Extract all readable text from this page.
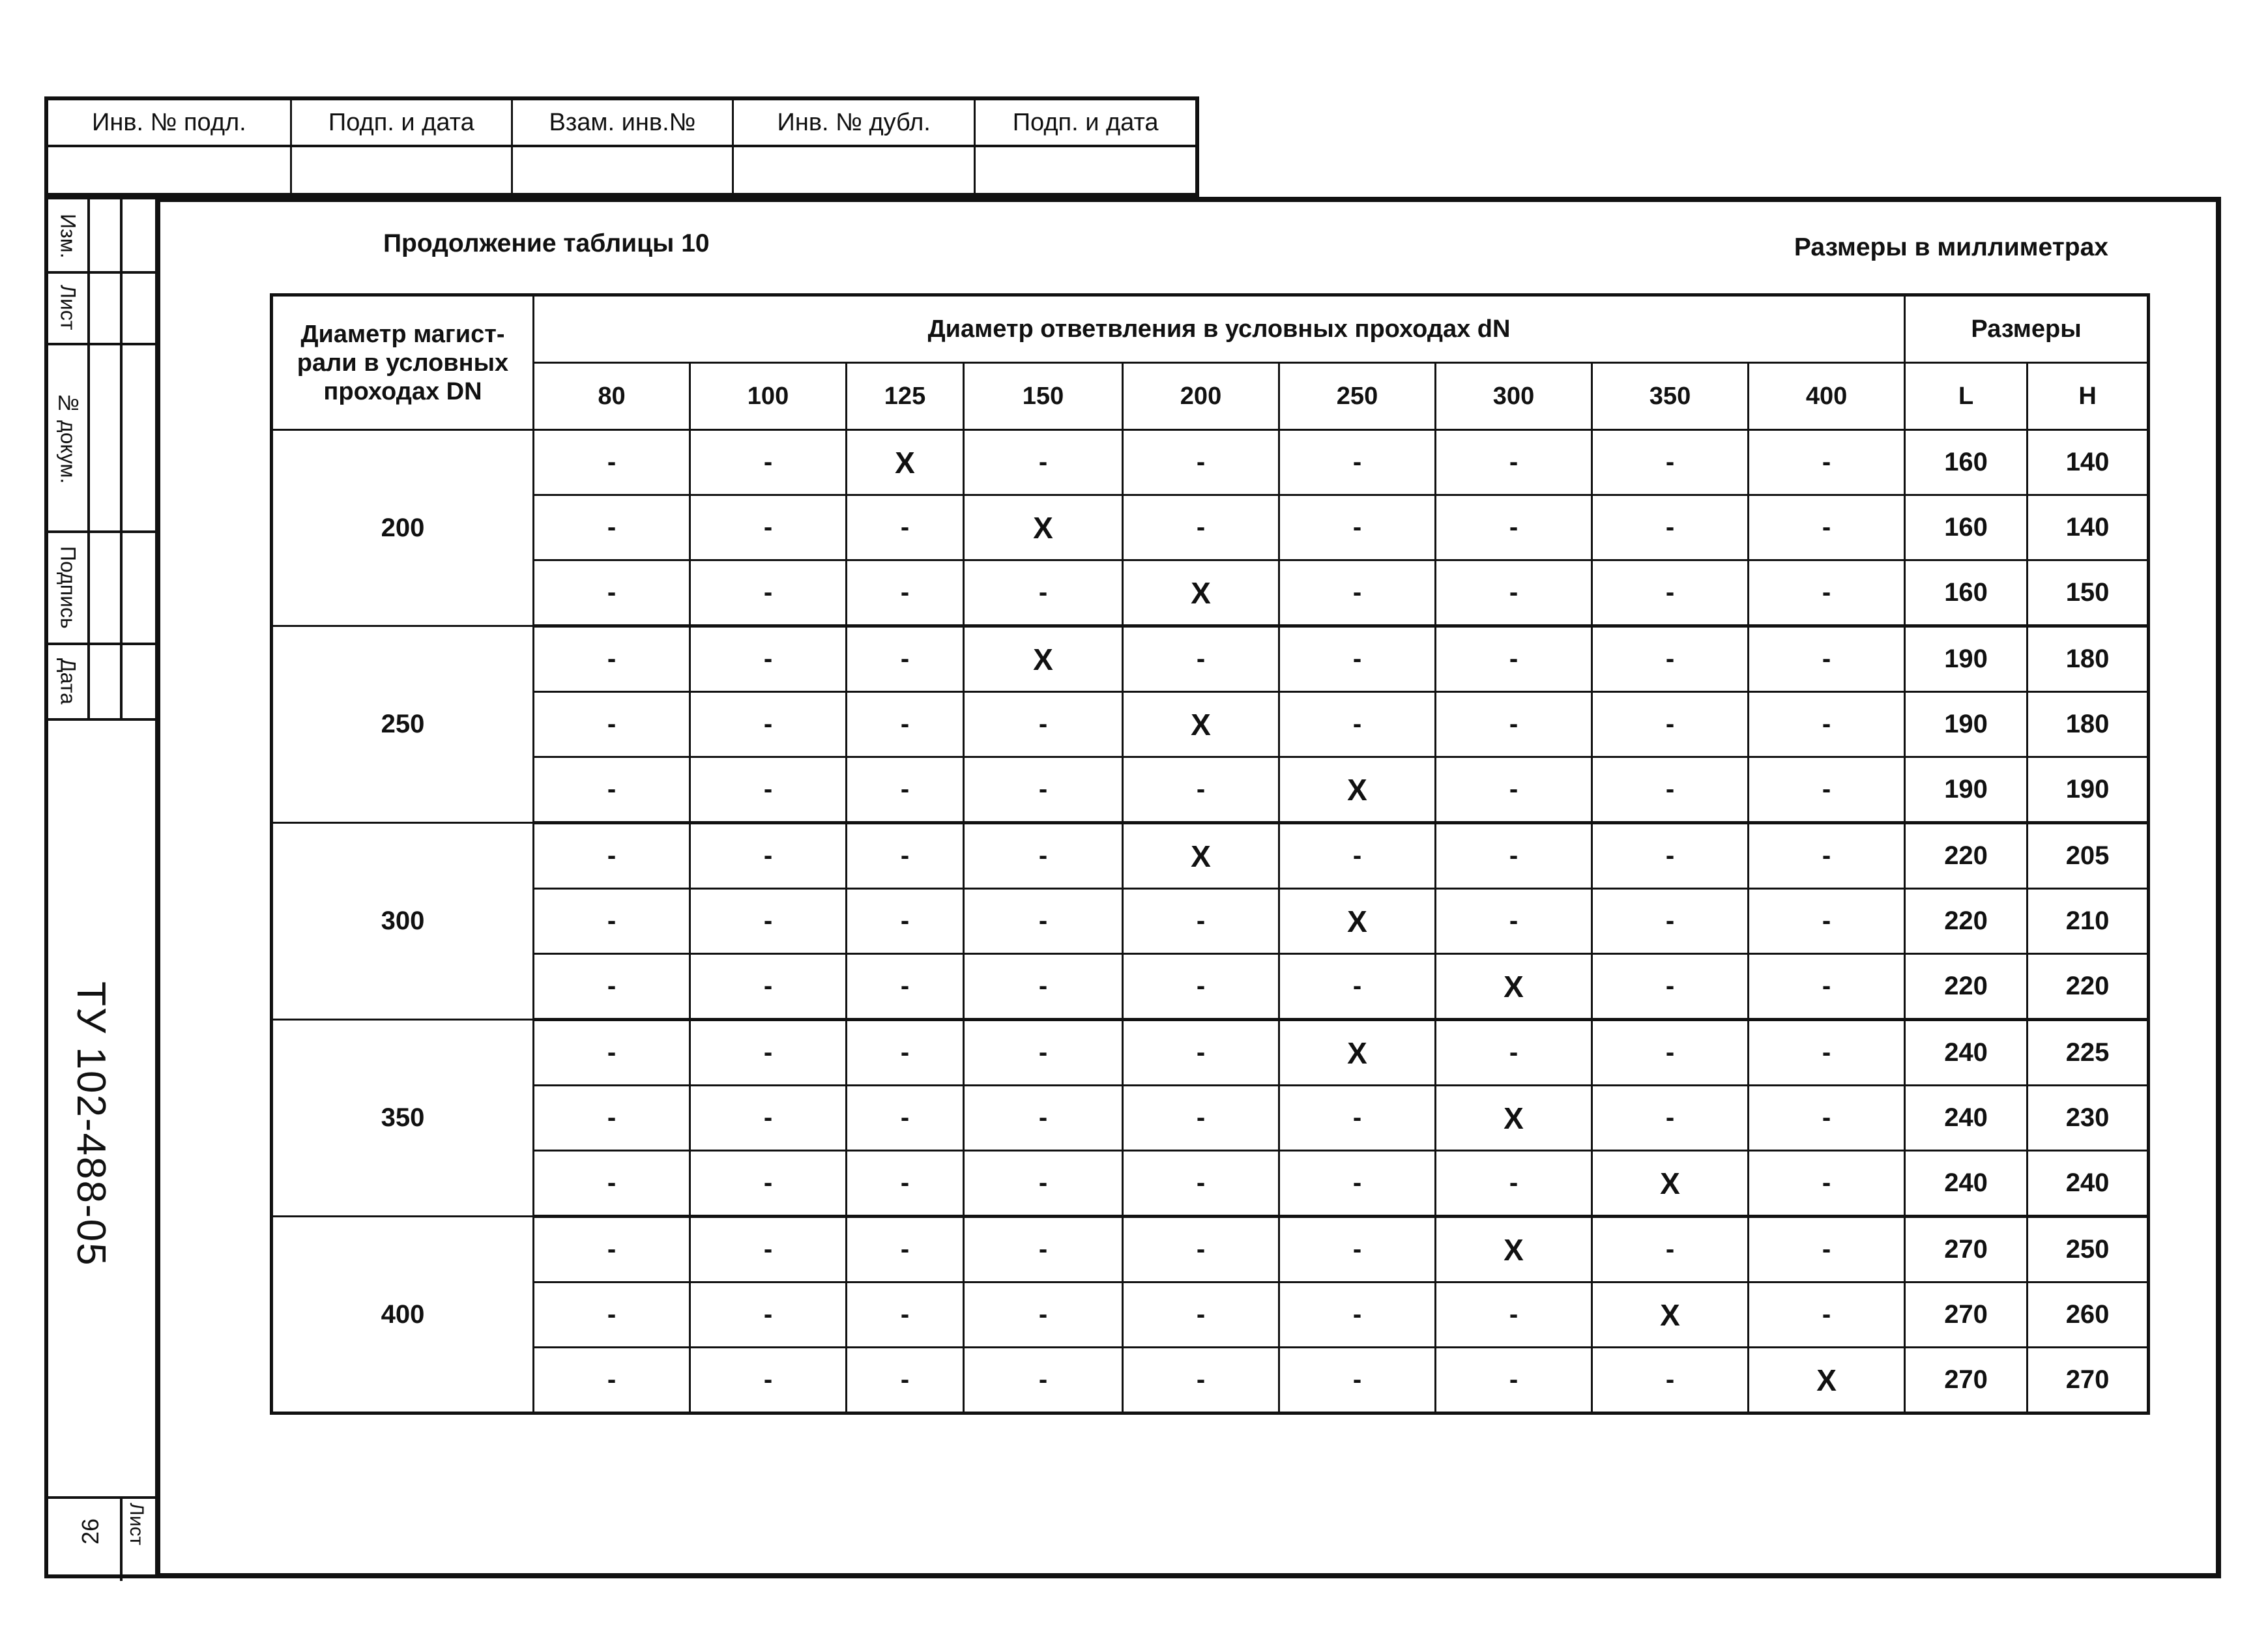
Инв. № подл.	Подп. и дата	Взам. инв.№	Инв. № дубл.	Подп. и дата

Изм.
Лист
№ докум.
Подпись
Дата
ТУ 102-488-05
Лист
26
Продолжение таблицы 10	Размеры в миллиметрах
Диаметр магист- рали в условных проходах DN	Диаметр ответвления в условных проходах dN									Размеры	
	80	100	125	150	200	250	300	350	400	L	H
200	-	-	X	-	-	-	-	-	-	160	140
	-	-	-	X	-	-	-	-	-	160	140
	-	-	-	-	X	-	-	-	-	160	150
250	-	-	-	X	-	-	-	-	-	190	180
	-	-	-	-	X	-	-	-	-	190	180
	-	-	-	-	-	X	-	-	-	190	190
300	-	-	-	-	X	-	-	-	-	220	205
	-	-	-	-	-	X	-	-	-	220	210
	-	-	-	-	-	-	X	-	-	220	220
350	-	-	-	-	-	X	-	-	-	240	225
	-	-	-	-	-	-	X	-	-	240	230
	-	-	-	-	-	-	-	X	-	240	240
400	-	-	-	-	-	-	X	-	-	270	250
	-	-	-	-	-	-	-	X	-	270	260
	-	-	-	-	-	-	-	-	X	270	270
